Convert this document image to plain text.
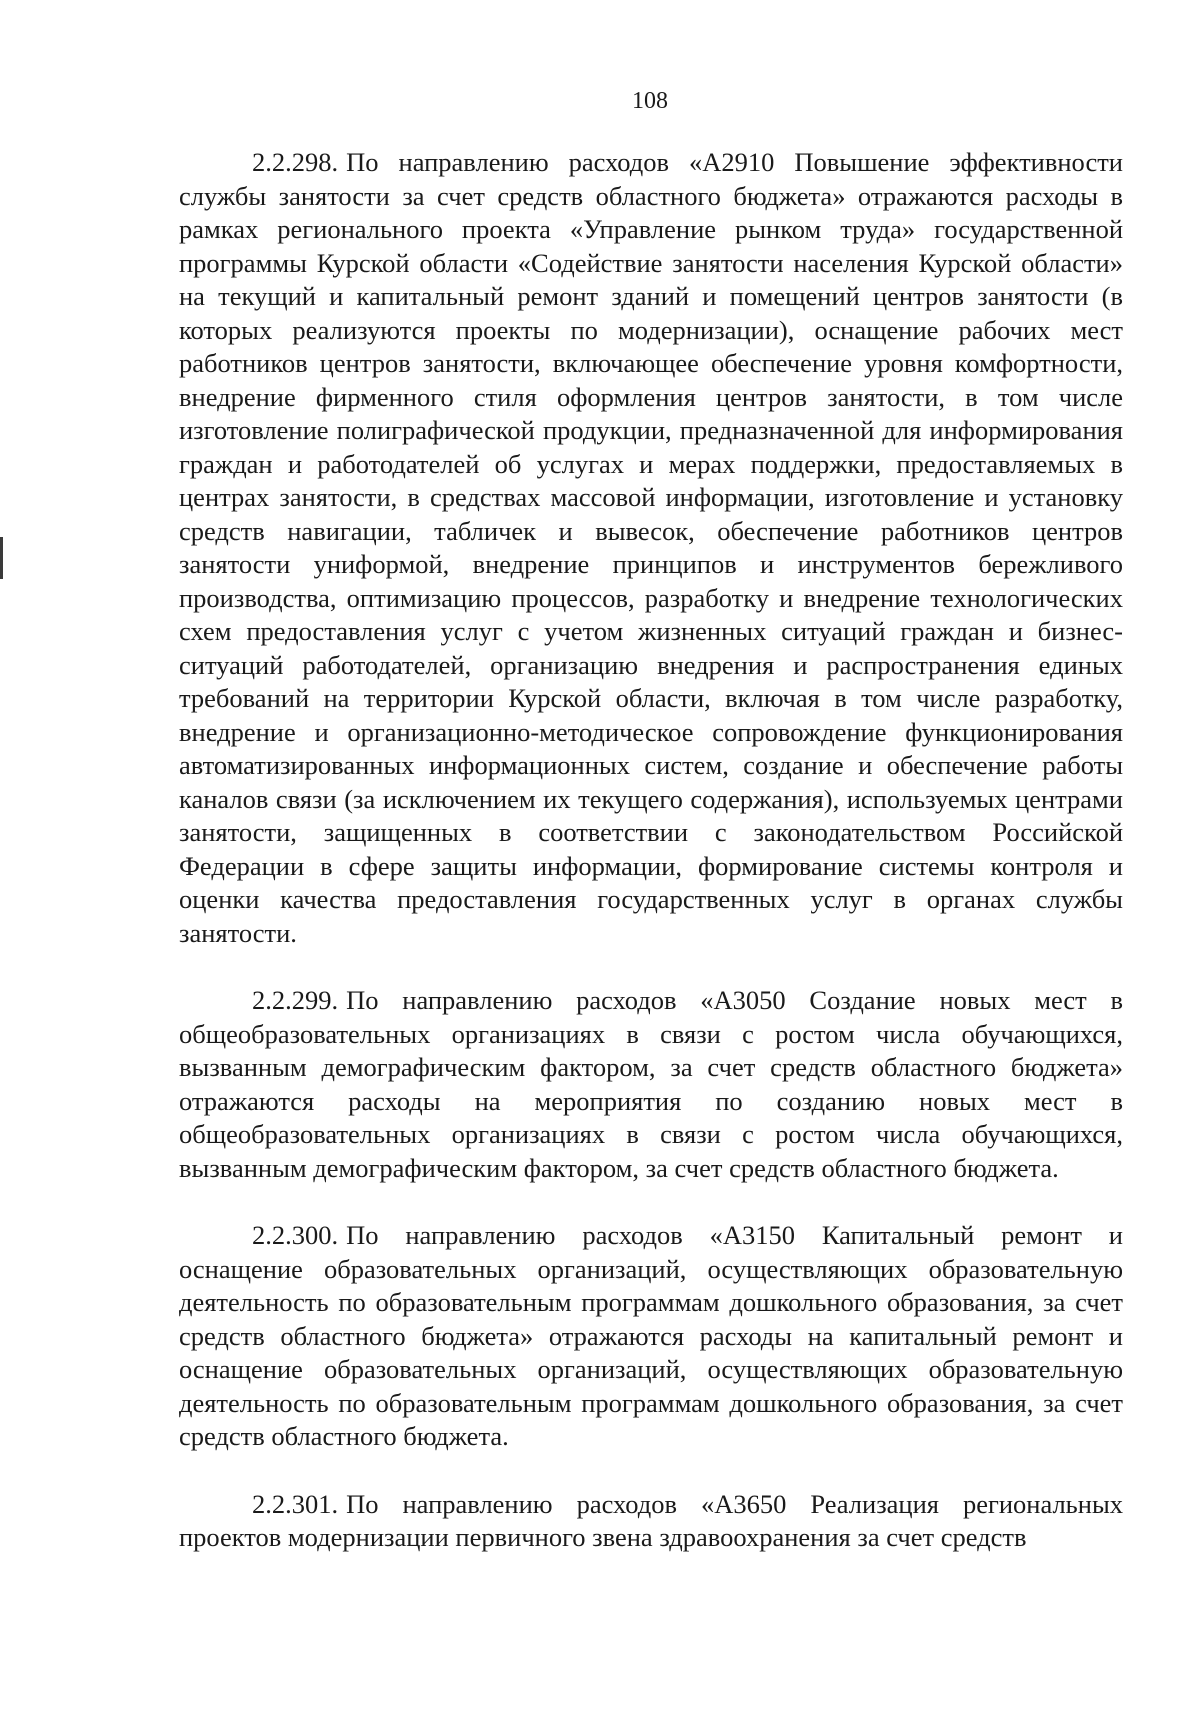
108

2.2.298. По направлению расходов «А2910 Повышение эффективности службы занятости за счет средств областного бюджета» отражаются расходы в рамках регионального проекта «Управление рынком труда» государственной программы Курской области «Содействие занятости населения Курской области» на текущий и капитальный ремонт зданий и помещений центров занятости (в которых реализуются проекты по модернизации), оснащение рабочих мест работников центров занятости, включающее обеспечение уровня комфортности, внедрение фирменного стиля оформления центров занятости, в том числе изготовление полиграфической продукции, предназначенной для информирования граждан и работодателей об услугах и мерах поддержки, предоставляемых в центрах занятости, в средствах массовой информации, изготовление и установку средств навигации, табличек и вывесок, обеспечение работников центров занятости униформой, внедрение принципов и инструментов бережливого производства, оптимизацию процессов, разработку и внедрение технологических схем предоставления услуг с учетом жизненных ситуаций граждан и бизнес-ситуаций работодателей, организацию внедрения и распространения единых требований на территории Курской области, включая в том числе разработку, внедрение и организационно-методическое сопровождение функционирования автоматизированных информационных систем, создание и обеспечение работы каналов связи (за исключением их текущего содержания), используемых центрами занятости, защищенных в соответствии с законодательством Российской Федерации в сфере защиты информации, формирование системы контроля и оценки качества предоставления государственных услуг в органах службы занятости.

2.2.299. По направлению расходов «А3050 Создание новых мест в общеобразовательных организациях в связи с ростом числа обучающихся, вызванным демографическим фактором, за счет средств областного бюджета» отражаются расходы на мероприятия по созданию новых мест в общеобразовательных организациях в связи с ростом числа обучающихся, вызванным демографическим фактором, за счет средств областного бюджета.

2.2.300. По направлению расходов «А3150 Капитальный ремонт и оснащение образовательных организаций, осуществляющих образовательную деятельность по образовательным программам дошкольного образования, за счет средств областного бюджета» отражаются расходы на капитальный ремонт и оснащение образовательных организаций, осуществляющих образовательную деятельность по образовательным программам дошкольного образования, за счет средств областного бюджета.

2.2.301. По направлению расходов «А3650 Реализация региональных проектов модернизации первичного звена здравоохранения за счет средств
